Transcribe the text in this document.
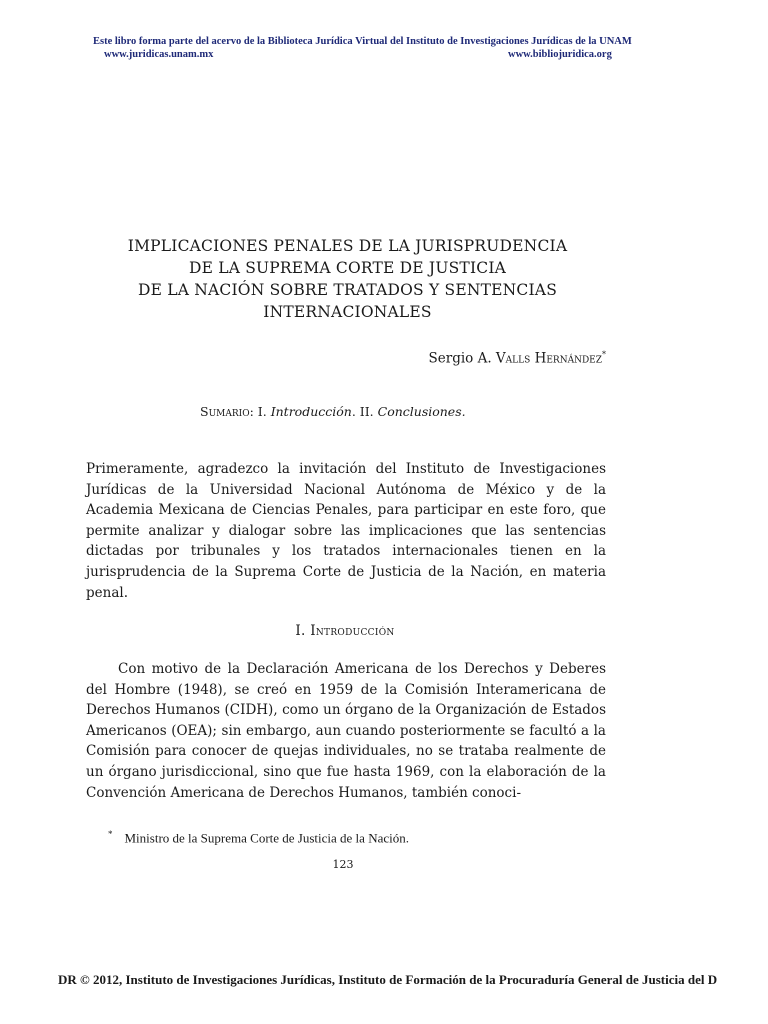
Este libro forma parte del acervo de la Biblioteca Jurídica Virtual del Instituto de Investigaciones Jurídicas de la UNAM
www.juridicas.unam.mx	www.bibliojuridica.org
IMPLICACIONES PENALES DE LA JURISPRUDENCIA
DE LA SUPREMA CORTE DE JUSTICIA
DE LA NACIÓN SOBRE TRATADOS Y SENTENCIAS
INTERNACIONALES
Sergio A. Valls Hernández*
Sumario: I. Introducción. II. Conclusiones.
Primeramente, agradezco la invitación del Instituto de Investigaciones Jurídicas de la Universidad Nacional Autónoma de México y de la Academia Mexicana de Ciencias Penales, para participar en este foro, que permite analizar y dialogar sobre las implicaciones que las sentencias dictadas por tribunales y los tratados internacionales tienen en la jurisprudencia de la Suprema Corte de Justicia de la Nación, en materia penal.
I. Introducción
Con motivo de la Declaración Americana de los Derechos y Deberes del Hombre (1948), se creó en 1959 de la Comisión Interamericana de Derechos Humanos (CIDH), como un órgano de la Organización de Estados Americanos (OEA); sin embargo, aun cuando posteriormente se facultó a la Comisión para conocer de quejas individuales, no se trataba realmente de un órgano jurisdiccional, sino que fue hasta 1969, con la elaboración de la Convención Americana de Derechos Humanos, también conoci-
* Ministro de la Suprema Corte de Justicia de la Nación.
123
DR © 2012, Instituto de Investigaciones Jurídicas, Instituto de Formación de la Procuraduría General de Justicia del D
